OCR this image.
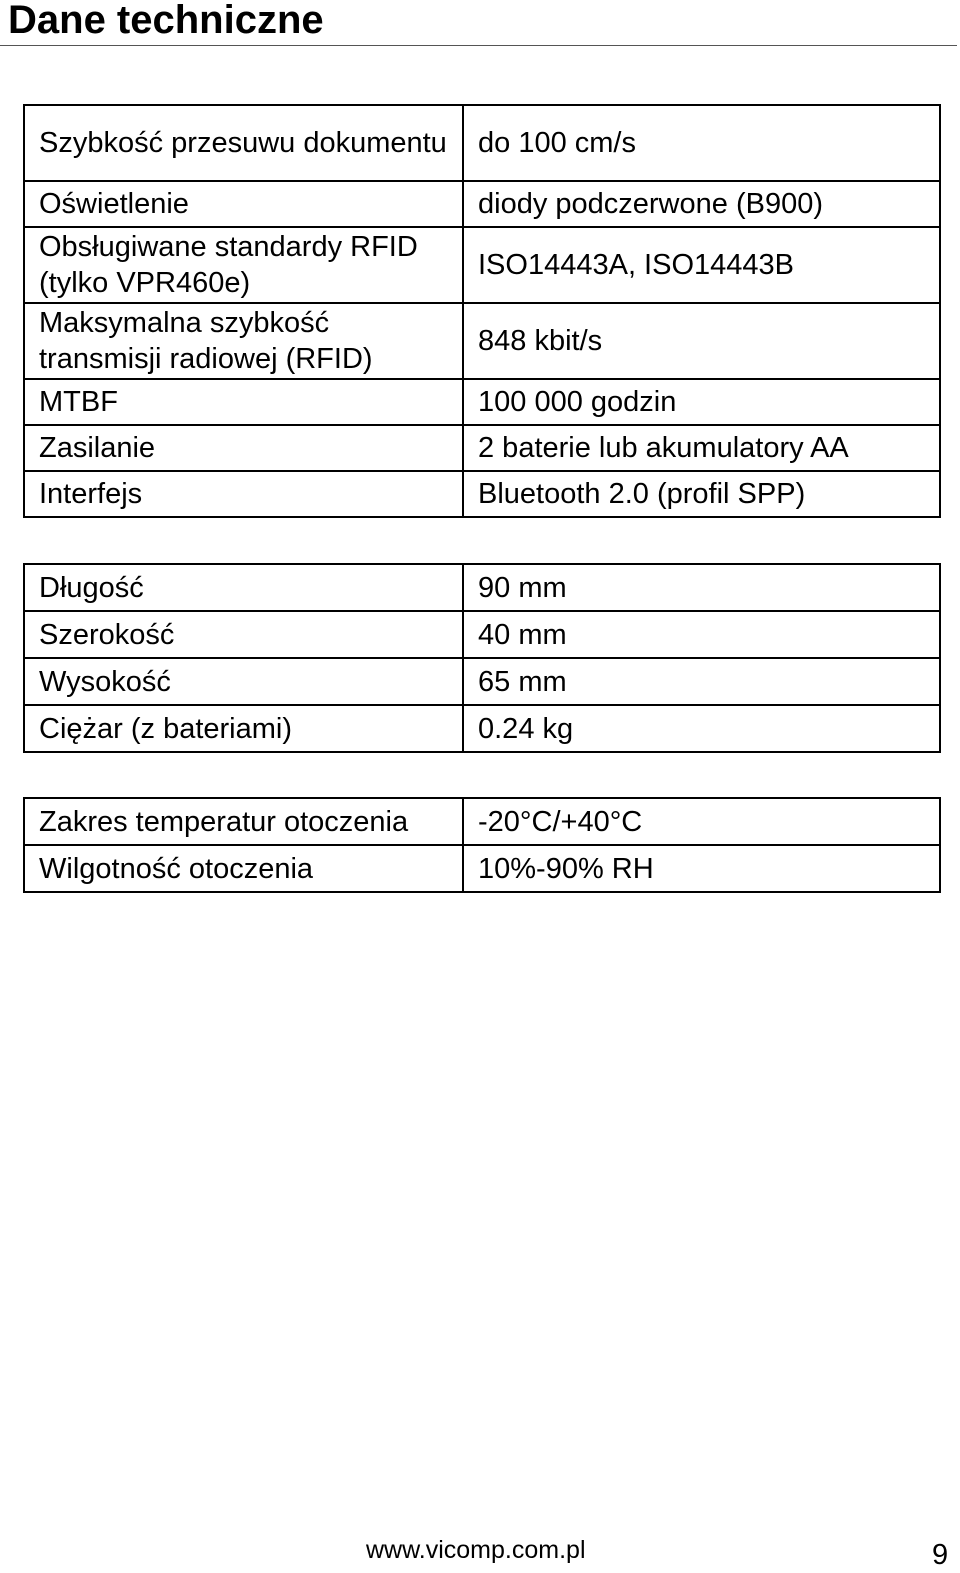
Dane techniczne
Szybkość przesuwu dokumentu	do 100 cm/s
Oświetlenie	diody podczerwone (B900)
Obsługiwane standardy RFID (tylko VPR460e)	ISO14443A, ISO14443B
Maksymalna szybkość transmisji radiowej (RFID)	848 kbit/s
MTBF	100 000 godzin
Zasilanie	2 baterie lub akumulatory AA
Interfejs	Bluetooth 2.0 (profil SPP)
Długość	90 mm
Szerokość	40 mm
Wysokość	65 mm
Ciężar (z bateriami)	0.24 kg
Zakres temperatur otoczenia	-20°C/+40°C
Wilgotność otoczenia	10%-90% RH
www.vicomp.com.pl	9
